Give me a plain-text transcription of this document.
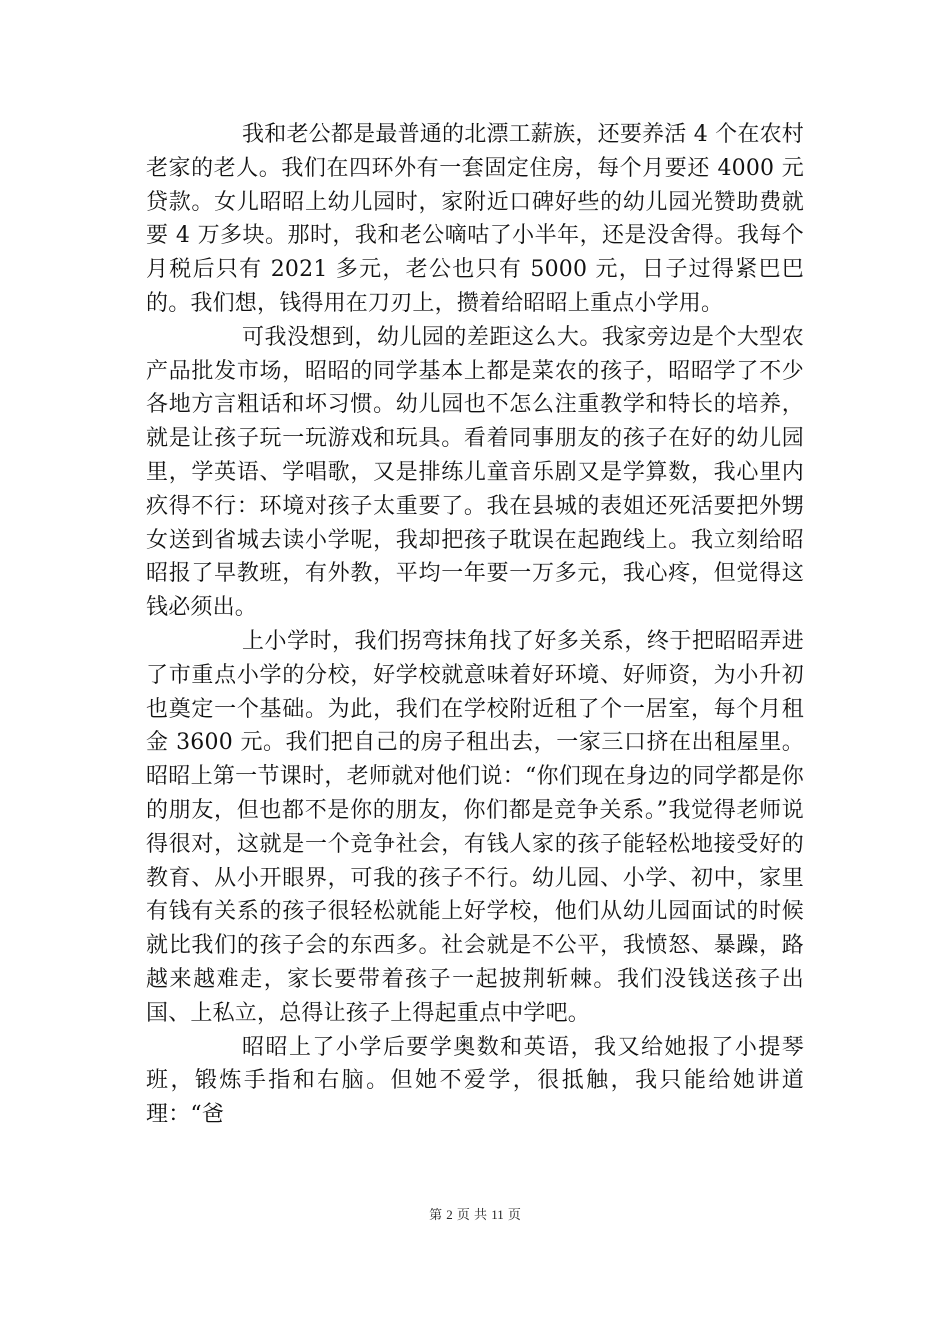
我和老公都是最普通的北漂工薪族，还要养活 4 个在农村老家的老人。我们在四环外有一套固定住房，每个月要还 4000 元贷款。女儿昭昭上幼儿园时，家附近口碑好些的幼儿园光赞助费就要 4 万多块。那时，我和老公嘀咕了小半年，还是没舍得。我每个月税后只有 2021 多元，老公也只有 5000 元，日子过得紧巴巴的。我们想，钱得用在刀刃上，攒着给昭昭上重点小学用。

可我没想到，幼儿园的差距这么大。我家旁边是个大型农产品批发市场，昭昭的同学基本上都是菜农的孩子，昭昭学了不少各地方言粗话和坏习惯。幼儿园也不怎么注重教学和特长的培养，就是让孩子玩一玩游戏和玩具。看着同事朋友的孩子在好的幼儿园里，学英语、学唱歌，又是排练儿童音乐剧又是学算数，我心里内疚得不行：环境对孩子太重要了。我在县城的表姐还死活要把外甥女送到省城去读小学呢，我却把孩子耽误在起跑线上。我立刻给昭昭报了早教班，有外教，平均一年要一万多元，我心疼，但觉得这钱必须出。

上小学时，我们拐弯抹角找了好多关系，终于把昭昭弄进了市重点小学的分校，好学校就意味着好环境、好师资，为小升初也奠定一个基础。为此，我们在学校附近租了个一居室，每个月租金 3600 元。我们把自己的房子租出去，一家三口挤在出租屋里。昭昭上第一节课时，老师就对他们说：“你们现在身边的同学都是你的朋友，但也都不是你的朋友，你们都是竞争关系。”我觉得老师说得很对，这就是一个竞争社会，有钱人家的孩子能轻松地接受好的教育、从小开眼界，可我的孩子不行。幼儿园、小学、初中，家里有钱有关系的孩子很轻松就能上好学校，他们从幼儿园面试的时候就比我们的孩子会的东西多。社会就是不公平，我愤怒、暴躁，路越来越难走，家长要带着孩子一起披荆斩棘。我们没钱送孩子出国、上私立，总得让孩子上得起重点中学吧。

昭昭上了小学后要学奥数和英语，我又给她报了小提琴班，锻炼手指和右脑。但她不爱学，很抵触，我只能给她讲道理：“爸

第 2 页 共 11 页
